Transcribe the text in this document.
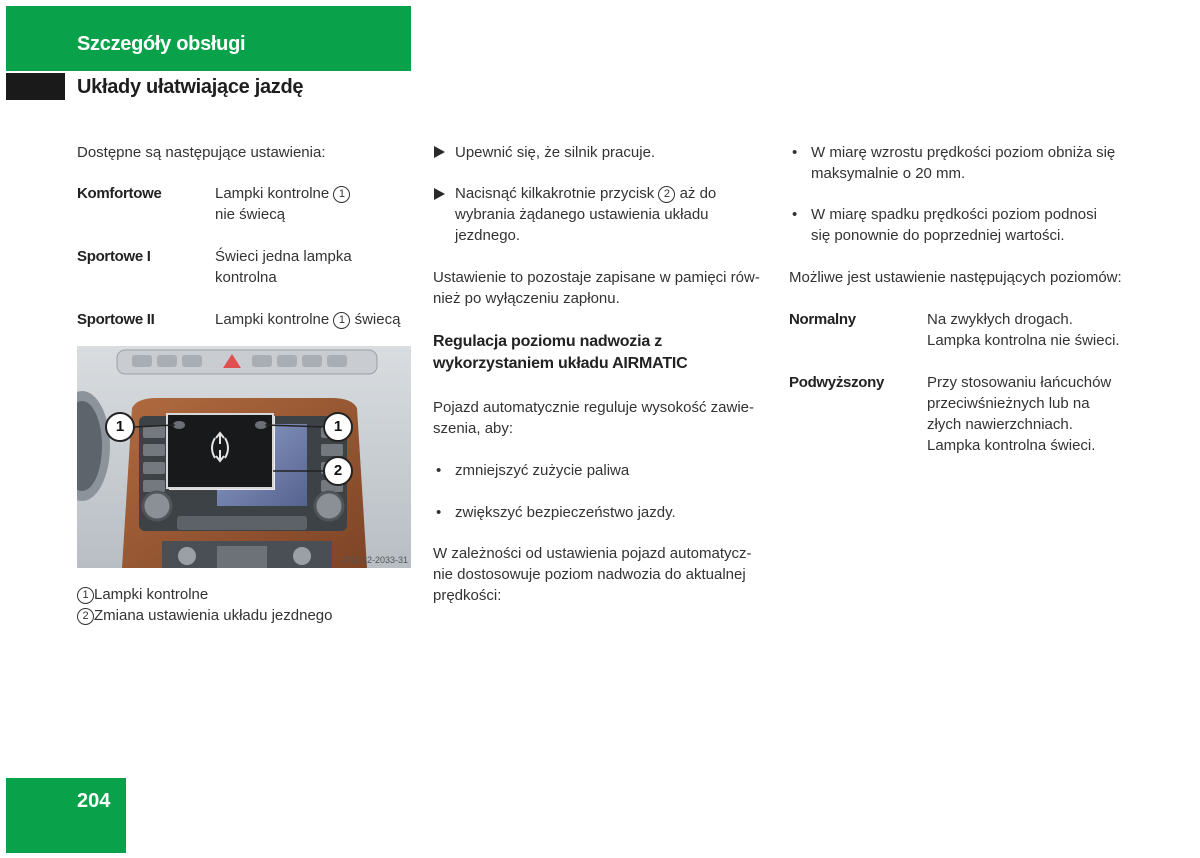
Szczegóły obsługi
Układy ułatwiające jazdę
Dostępne są następujące ustawienia:
Komfortowe	Lampki kontrolne 1
nie świecą
Sportowe I	Świeci jedna lampka
kontrolna
Sportowe II	Lampki kontrolne 1 świecą
1	1
2
P32.32-2033-31
1 Lampki kontrolne
2 Zmiana ustawienia układu jezdnego
Upewnić się, że silnik pracuje.
Nacisnąć kilkakrotnie przycisk 2 aż do
wybrania żądanego ustawienia układu
jezdnego.
Ustawienie to pozostaje zapisane w pamięci rów-
nież po wyłączeniu zapłonu.
Regulacja poziomu nadwozia z
wykorzystaniem układu AIRMATIC
Pojazd automatycznie reguluje wysokość zawie-
szenia, aby:
• zmniejszyć zużycie paliwa
• zwiększyć bezpieczeństwo jazdy.
W zależności od ustawienia pojazd automatycz-
nie dostosowuje poziom nadwozia do aktualnej
prędkości:
• W miarę wzrostu prędkości poziom obniża się
maksymalnie o 20 mm.
• W miarę spadku prędkości poziom podnosi
się ponownie do poprzedniej wartości.
Możliwe jest ustawienie następujących poziomów:
Normalny	Na zwykłych drogach.
Lampka kontrolna nie świeci.
Podwyższony	Przy stosowaniu łańcuchów
przeciwśnieżnych lub na
złych nawierzchniach.
Lampka kontrolna świeci.
204
